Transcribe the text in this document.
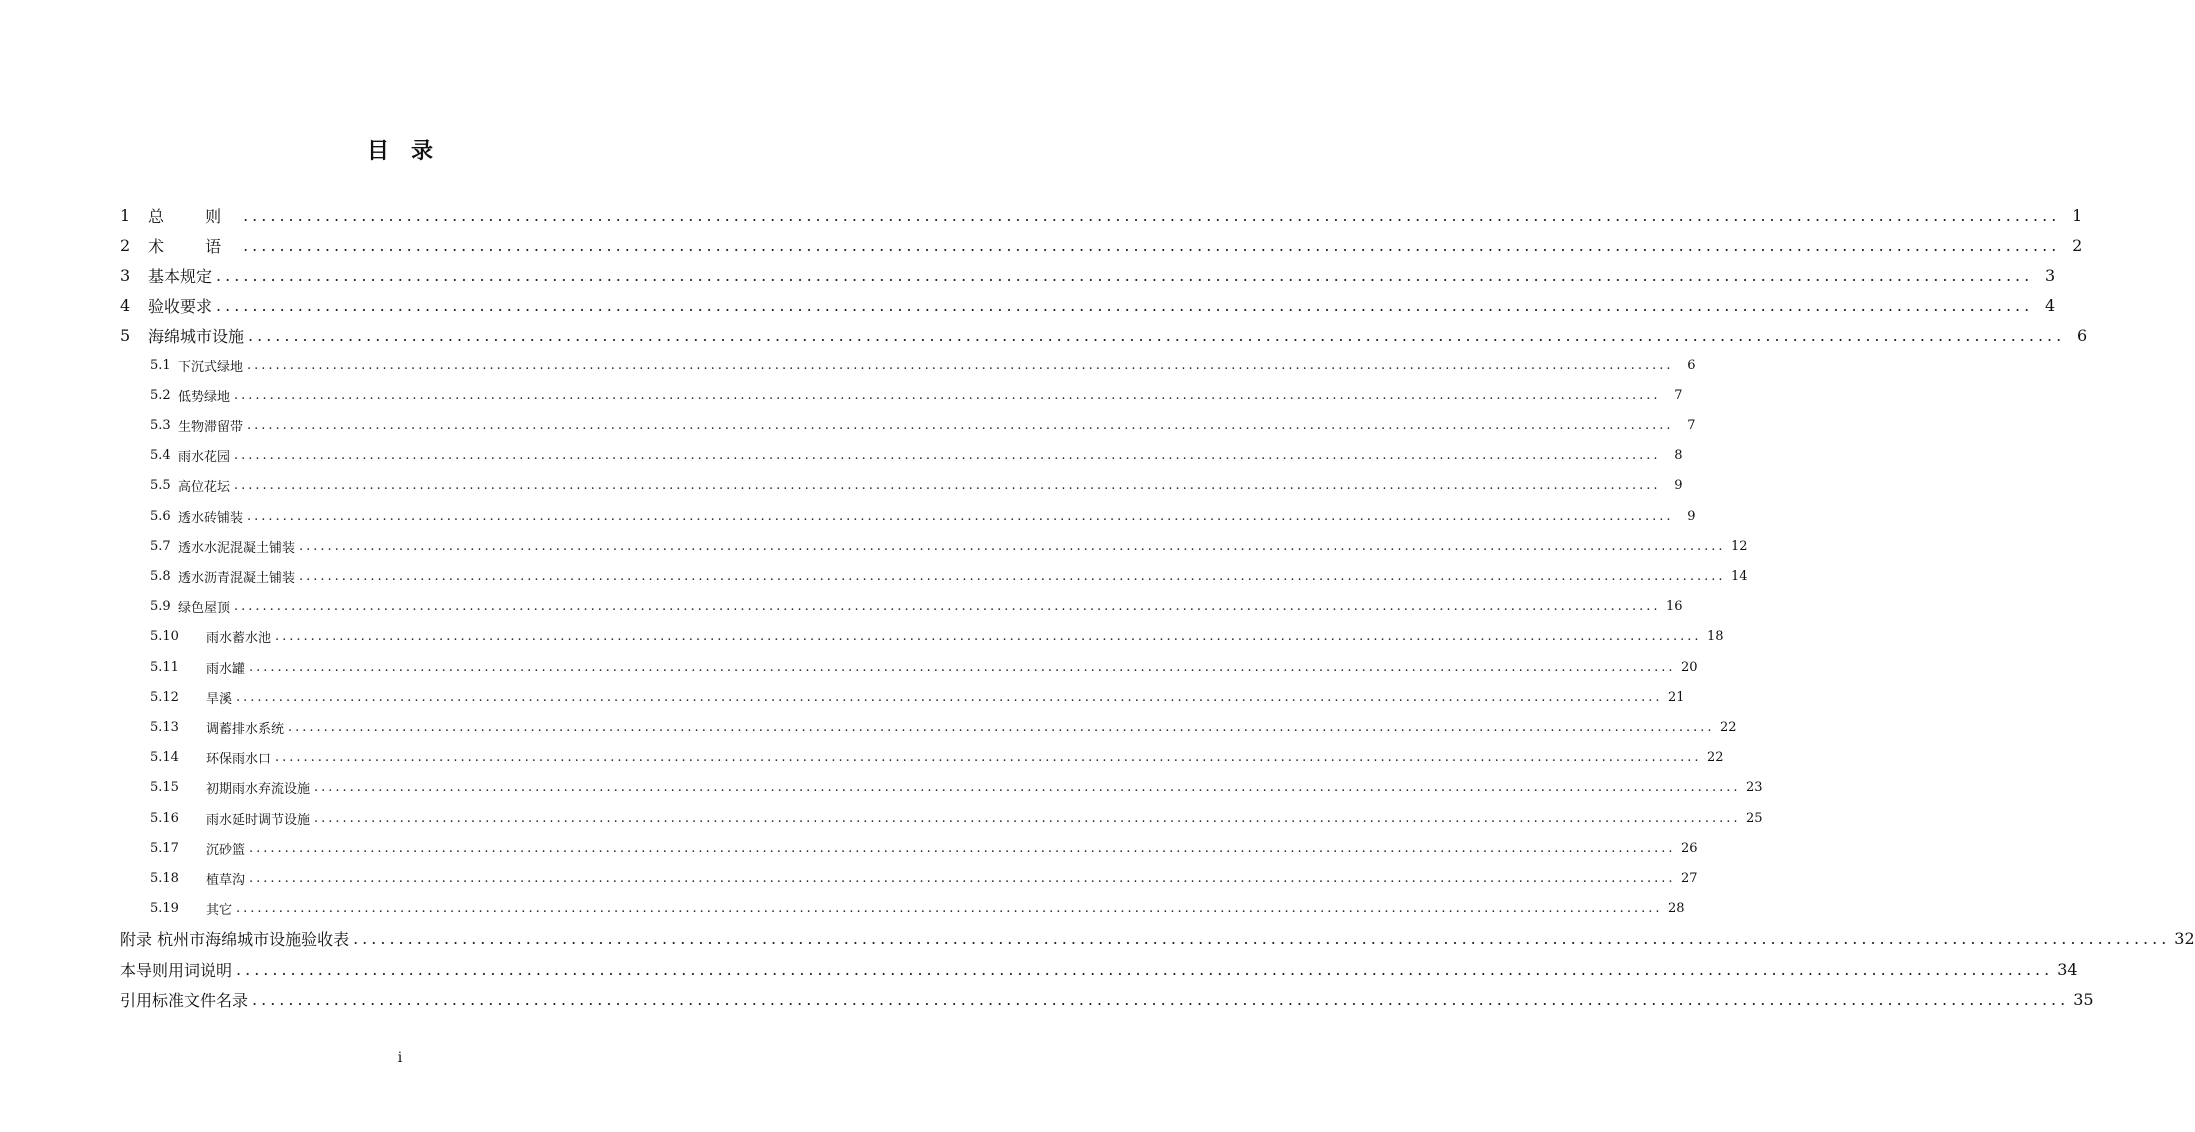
目 录
1	总 则 ........................................................................................................................................................................................................ 1
2	术 语 ........................................................................................................................................................................................................ 2
3	基本规定 ........................................................................................................................................................................................................ 3
4	验收要求 ........................................................................................................................................................................................................ 4
5	海绵城市设施 ........................................................................................................................................................................................................ 6
5.1 下沉式绿地 ........................................................................................................................................................................................................	6
5.2 低势绿地 ........................................................................................................................................................................................................	7
5.3 生物滞留带 ........................................................................................................................................................................................................	7
5.4 雨水花园 ........................................................................................................................................................................................................	8
5.5 高位花坛 ........................................................................................................................................................................................................	9
5.6 透水砖铺装 ........................................................................................................................................................................................................	9
5.7 透水水泥混凝土铺装 ........................................................................................................................................................................................................ 12
5.8 透水沥青混凝土铺装 ........................................................................................................................................................................................................ 14
5.9 绿色屋顶 ........................................................................................................................................................................................................ 16
5.10	雨水蓄水池 ........................................................................................................................................................................................................ 18
5.11	雨水罐 ........................................................................................................................................................................................................ 20
5.12	旱溪 ........................................................................................................................................................................................................ 21
5.13	调蓄排水系统 ........................................................................................................................................................................................................ 22
5.14	环保雨水口 ........................................................................................................................................................................................................ 22
5.15	初期雨水弃流设施 ........................................................................................................................................................................................................ 23
5.16	雨水延时调节设施 ........................................................................................................................................................................................................ 25
5.17	沉砂篮 ........................................................................................................................................................................................................ 26
5.18	植草沟 ........................................................................................................................................................................................................ 27
5.19	其它 ........................................................................................................................................................................................................ 28
附录 杭州市海绵城市设施验收表 ........................................................................................................................................................................................................ 32
本导则用词说明 ........................................................................................................................................................................................................ 34
引用标准文件名录 ........................................................................................................................................................................................................ 35
i
